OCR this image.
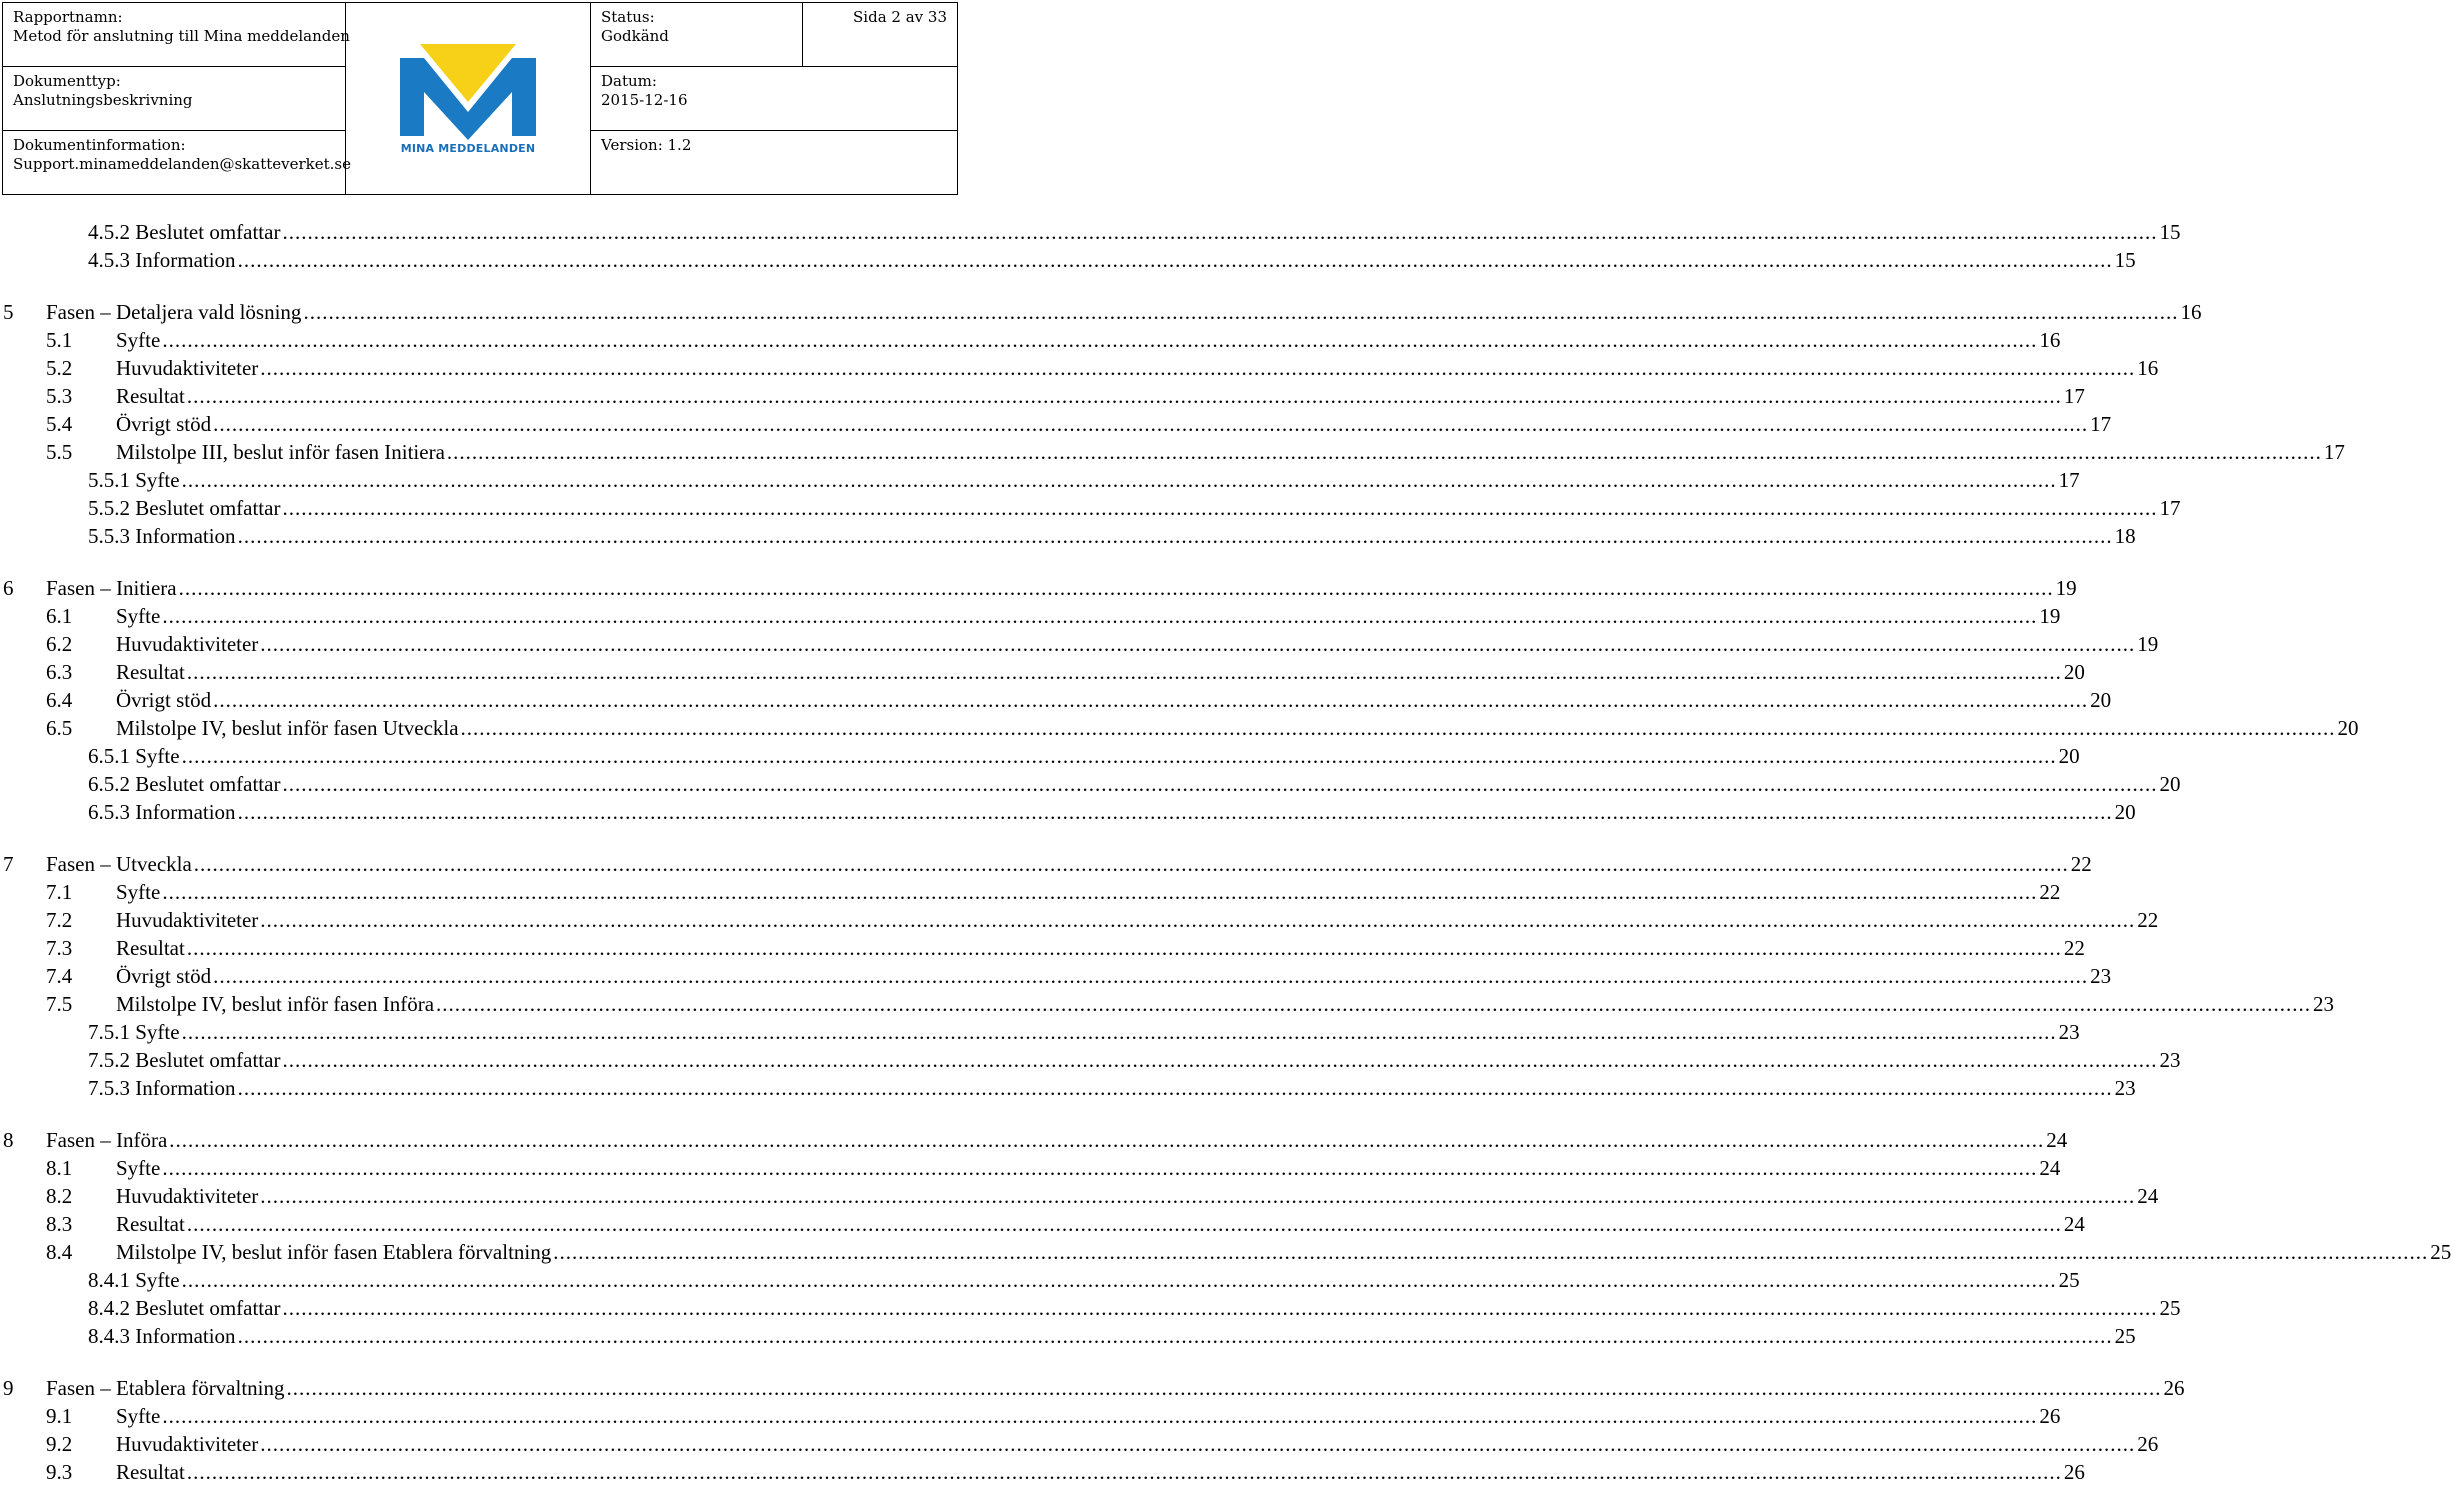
Rapportnamn:
Metod för anslutning till Mina meddelanden	MINA MEDDELANDEN	Status:
Godkänd	Sida 2 av 33

Dokumenttyp:
Anslutningsbeskrivning		Datum:
2015-12-16	

Dokumentinformation:
Support.minameddelanden@skatteverket.se		Version: 1.2	
4.5.2 Beslutet omfattar ............................................................................................................................................................................................................................................................................................................ 15
4.5.3 Information ............................................................................................................................................................................................................................................................................................................ 15
5 Fasen – Detaljera vald lösning ............................................................................................................................................................................................................................................................................................................ 16
5.1 Syfte ............................................................................................................................................................................................................................................................................................................ 16
5.2 Huvudaktiviteter ............................................................................................................................................................................................................................................................................................................ 16
5.3 Resultat ............................................................................................................................................................................................................................................................................................................ 17
5.4 Övrigt stöd ............................................................................................................................................................................................................................................................................................................ 17
5.5 Milstolpe III, beslut inför fasen Initiera ............................................................................................................................................................................................................................................................................................................ 17
5.5.1 Syfte ............................................................................................................................................................................................................................................................................................................ 17
5.5.2 Beslutet omfattar ............................................................................................................................................................................................................................................................................................................ 17
5.5.3 Information ............................................................................................................................................................................................................................................................................................................ 18
6 Fasen – Initiera ............................................................................................................................................................................................................................................................................................................ 19
6.1 Syfte ............................................................................................................................................................................................................................................................................................................ 19
6.2 Huvudaktiviteter ............................................................................................................................................................................................................................................................................................................ 19
6.3 Resultat ............................................................................................................................................................................................................................................................................................................ 20
6.4 Övrigt stöd ............................................................................................................................................................................................................................................................................................................ 20
6.5 Milstolpe IV, beslut inför fasen Utveckla ............................................................................................................................................................................................................................................................................................................ 20
6.5.1 Syfte ............................................................................................................................................................................................................................................................................................................ 20
6.5.2 Beslutet omfattar ............................................................................................................................................................................................................................................................................................................ 20
6.5.3 Information ............................................................................................................................................................................................................................................................................................................ 20
7 Fasen – Utveckla ............................................................................................................................................................................................................................................................................................................ 22
7.1 Syfte ............................................................................................................................................................................................................................................................................................................ 22
7.2 Huvudaktiviteter ............................................................................................................................................................................................................................................................................................................ 22
7.3 Resultat ............................................................................................................................................................................................................................................................................................................ 22
7.4 Övrigt stöd ............................................................................................................................................................................................................................................................................................................ 23
7.5 Milstolpe IV, beslut inför fasen Införa ............................................................................................................................................................................................................................................................................................................ 23
7.5.1 Syfte ............................................................................................................................................................................................................................................................................................................ 23
7.5.2 Beslutet omfattar ............................................................................................................................................................................................................................................................................................................ 23
7.5.3 Information ............................................................................................................................................................................................................................................................................................................ 23
8 Fasen – Införa ............................................................................................................................................................................................................................................................................................................ 24
8.1 Syfte ............................................................................................................................................................................................................................................................................................................ 24
8.2 Huvudaktiviteter ............................................................................................................................................................................................................................................................................................................ 24
8.3 Resultat ............................................................................................................................................................................................................................................................................................................ 24
8.4 Milstolpe IV, beslut inför fasen Etablera förvaltning ............................................................................................................................................................................................................................................................................................................ 25
8.4.1 Syfte ............................................................................................................................................................................................................................................................................................................ 25
8.4.2 Beslutet omfattar ............................................................................................................................................................................................................................................................................................................ 25
8.4.3 Information ............................................................................................................................................................................................................................................................................................................ 25
9 Fasen – Etablera förvaltning ............................................................................................................................................................................................................................................................................................................ 26
9.1 Syfte ............................................................................................................................................................................................................................................................................................................ 26
9.2 Huvudaktiviteter ............................................................................................................................................................................................................................................................................................................ 26
9.3 Resultat ............................................................................................................................................................................................................................................................................................................ 26
